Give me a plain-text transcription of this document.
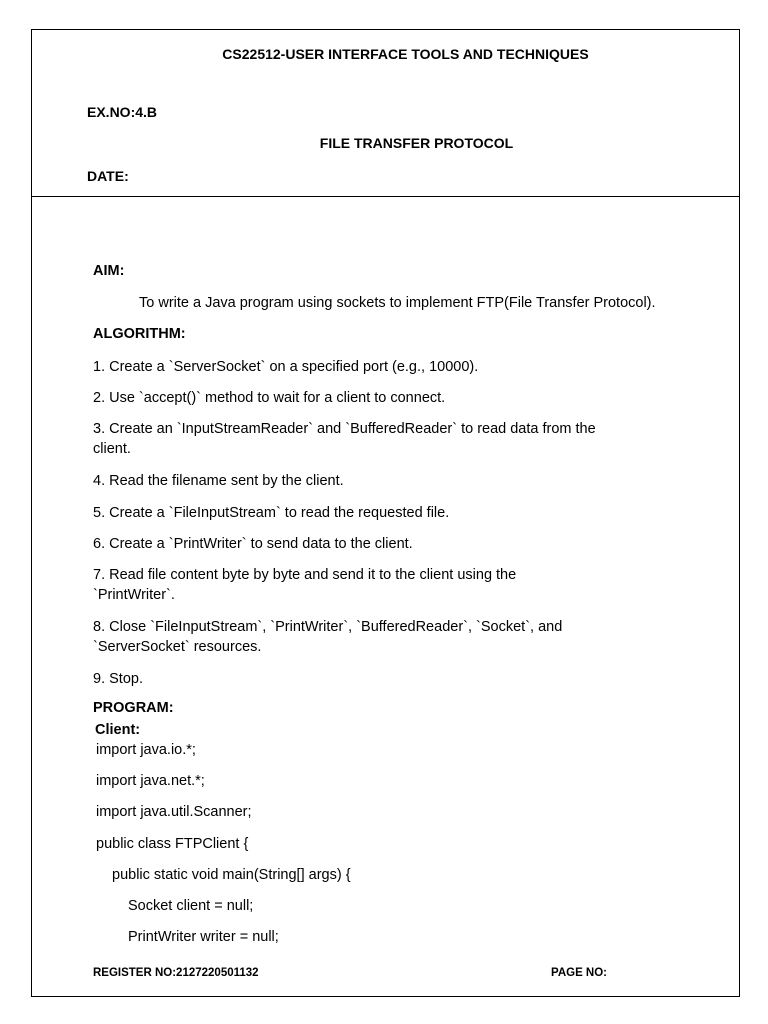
CS22512-USER INTERFACE TOOLS AND TECHNIQUES
EX.NO:4.B
FILE TRANSFER PROTOCOL
DATE:
AIM:
To write a Java program using sockets to implement FTP(File Transfer Protocol).
ALGORITHM:
1. Create a `ServerSocket` on a specified port (e.g., 10000).
2. Use `accept()` method to wait for a client to connect.
3. Create an `InputStreamReader` and `BufferedReader` to read data from the
client.
4. Read the filename sent by the client.
5. Create a `FileInputStream` to read the requested file.
6. Create a `PrintWriter` to send data to the client.
7. Read file content byte by byte and send it to the client using the
`PrintWriter`.
8. Close `FileInputStream`, `PrintWriter`, `BufferedReader`, `Socket`, and
`ServerSocket` resources.
9. Stop.
PROGRAM:
Client:
import java.io.*;
import java.net.*;
import java.util.Scanner;
public class FTPClient {
public static void main(String[] args) {
Socket client = null;
PrintWriter writer = null;
REGISTER NO:2127220501132	PAGE NO:
